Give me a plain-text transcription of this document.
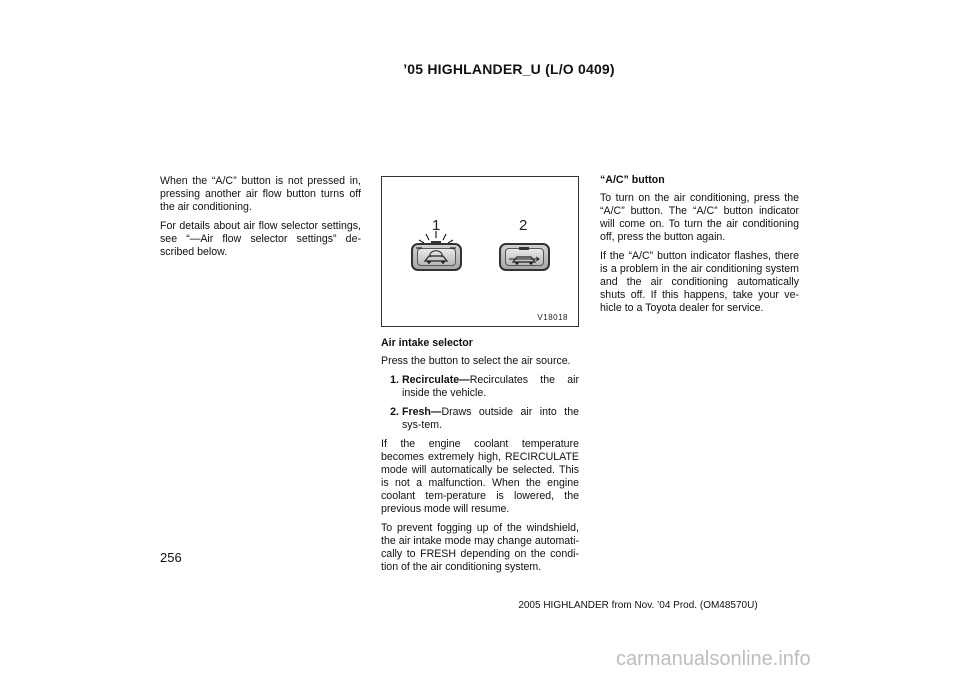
’05 HIGHLANDER_U (L/O 0409)

When the “A/C” button is not pressed in, pressing another air flow button turns off the air conditioning.

For details about air flow selector settings, see “—Air flow selector settings” de-scribed below.

1	2
V18018

Air intake selector

Press the button to select the air source.

1. Recirculate—Recirculates the air inside the vehicle.
2. Fresh—Draws outside air into the sys-tem.

If the engine coolant temperature becomes extremely high, RECIRCULATE mode will automatically be selected. This is not a malfunction. When the engine coolant tem-perature is lowered, the previous mode will resume.

To prevent fogging up of the windshield, the air intake mode may change automati-cally to FRESH depending on the condi-tion of the air conditioning system.

“A/C” button

To turn on the air conditioning, press the “A/C” button. The “A/C” button indicator will come on. To turn the air conditioning off, press the button again.

If the “A/C” button indicator flashes, there is a problem in the air conditioning system and the air conditioning automatically shuts off. If this happens, take your ve-hicle to a Toyota dealer for service.

256
2005 HIGHLANDER from Nov. ’04 Prod. (OM48570U)
carmanualsonline.info
